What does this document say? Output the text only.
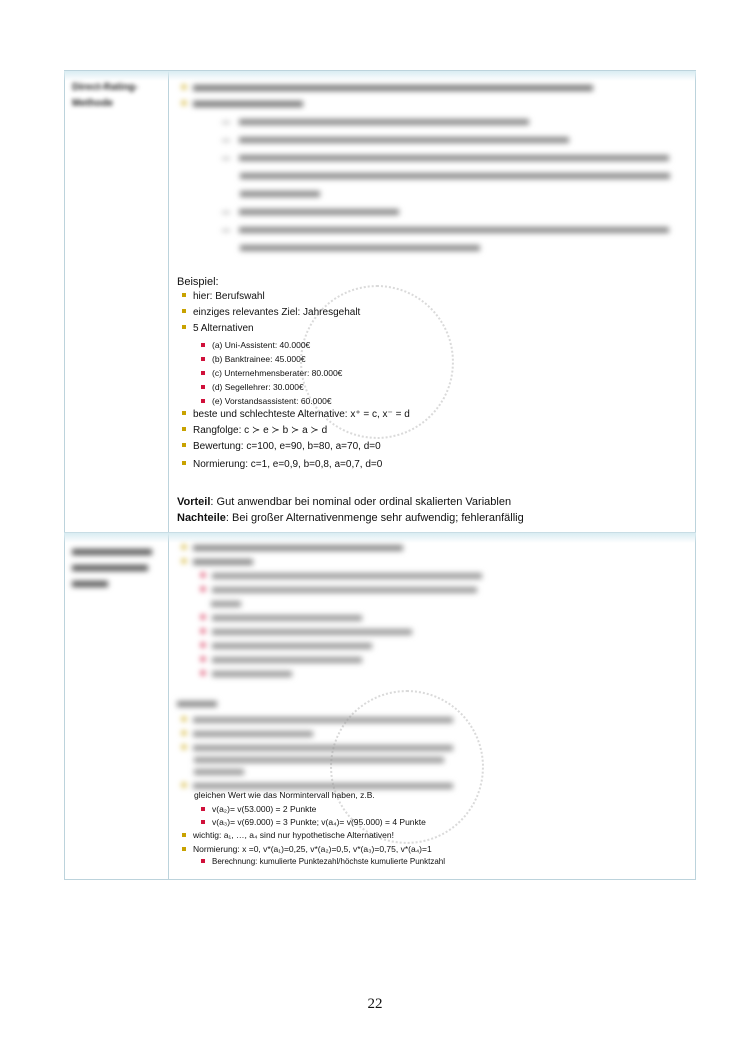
Direct-Rating-
Methode
Beispiel:
hier: Berufswahl
einziges relevantes Ziel: Jahresgehalt
5 Alternativen
(a) Uni-Assistent: 40.000€
(b) Banktrainee: 45.000€
(c) Unternehmensberater: 80.000€
(d) Segellehrer: 30.000€
(e) Vorstandsassistent: 60.000€
beste und schlechteste Alternative: x⁺ = c, x⁻ = d
Rangfolge: c ≻ e ≻ b ≻ a ≻ d
Bewertung: c=100, e=90, b=80, a=70, d=0
Normierung: c=1, e=0,9, b=0,8, a=0,7, d=0
Vorteil: Gut anwendbar bei nominal oder ordinal skalierten Variablen
Nachteile: Bei großer Alternativenmenge sehr aufwendig; fehleranfällig
gleichen Wert wie das Normintervall haben, z.B.
v(a₂)= v(53.000) = 2 Punkte
v(a₃)= v(69.000) = 3 Punkte; v(a₄)= v(95.000) = 4 Punkte
wichtig: a₁, …, a₄ sind nur hypothetische Alternativen!
Normierung: x =0, v*(a₁)=0,25, v*(a₂)=0,5, v*(a₃)=0,75, v*(a₄)=1
Berechnung: kumulierte Punktezahl/höchste kumulierte Punktzahl
22
